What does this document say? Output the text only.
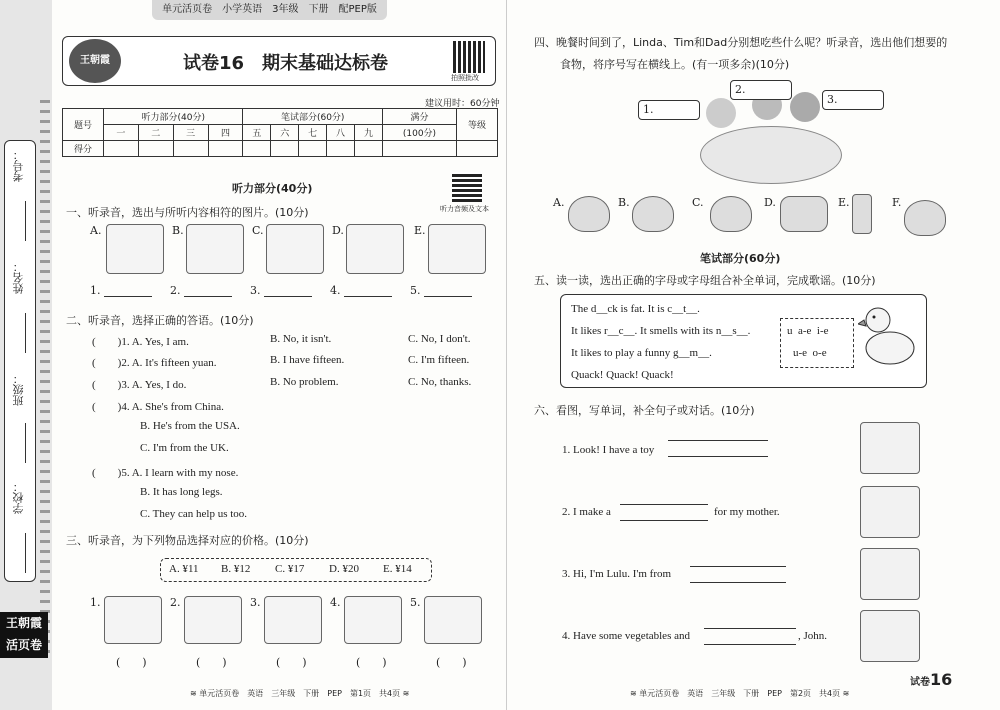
考号：
姓名：
班级：
学校：
王朝霞
活页卷
单元活页卷　小学英语　3年级　下册　配PEP版
王朝霞	试卷16　期末基础达标卷
拍照批改
建议用时：60分钟
题号	听力部分(40分)				笔试部分(60分)					满分	等级
	一	二	三	四	五	六	七	八	九	(100分)	
得分											
听力部分(40分)
听力音频及文本
一、听录音，选出与所听内容相符的图片。(10分)
A.	B.	C.	D.	E.
1.	2.	3.	4.	5.
二、听录音，选择正确的答语。(10分)
(　　)1. A. Yes, I am.	B. No, it isn't.	C. No, I don't.
(　　)2. A. It's fifteen yuan.	B. I have fifteen.	C. I'm fifteen.
(　　)3. A. Yes, I do.	B. No problem.	C. No, thanks.
(　　)4. A. She's from China.
B. He's from the USA.
C. I'm from the UK.
(　　)5. A. I learn with my nose.
B. It has long legs.
C. They can help us too.
三、听录音，为下列物品选择对应的价格。(10分)
A. ¥11 B. ¥12 C. ¥17 D. ¥20 E. ¥14
1.	2.	3.	4.	5.
(　　)	(　　)	(　　)	(　　)	(　　)
≋ 单元活页卷　英语　三年级　下册　PEP　第1页　共4页 ≋
四、晚餐时间到了，Linda、Tim和Dad分别想吃些什么呢？听录音，选出他们想要的
食物，将序号写在横线上。(有一项多余)(10分)
1.
2.
3.
A.	B.	C.	D.	E.	F.
笔试部分(60分)
五、读一读，选出正确的字母或字母组合补全单词，完成歌谣。(10分)
The d__ck is fat. It is c__t__.
It likes r__c__. It smells with its n__s__.
It likes to play a funny g__m__.
Quack! Quack! Quack!
u  a-e  i-e
u-e  o-e
六、看图，写单词，补全句子或对话。(10分)
1. Look! I have a toy
2. I make a	for my mother.
3. Hi, I'm Lulu. I'm from
4. Have some vegetables and	, John.
≋ 单元活页卷　英语　三年级　下册　PEP　第2页　共4页 ≋
试卷16
